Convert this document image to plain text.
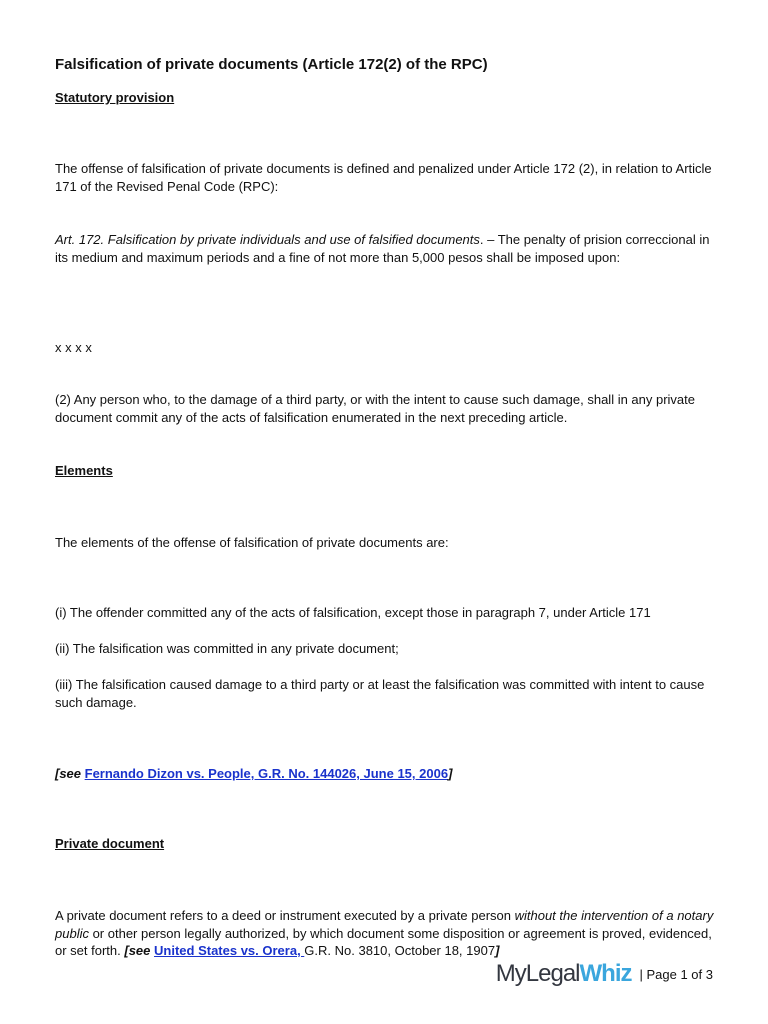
Falsification of private documents (Article 172(2) of the RPC)
Statutory provision

The offense of falsification of private documents is defined and penalized under Article 172 (2), in relation to Article 171 of the Revised Penal Code (RPC):

Art. 172. Falsification by private individuals and use of falsified documents. – The penalty of prision correccional in its medium and maximum periods and a fine of not more than 5,000 pesos shall be imposed upon:

x x x x

(2) Any person who, to the damage of a third party, or with the intent to cause such damage, shall in any private document commit any of the acts of falsification enumerated in the next preceding article.

Elements

The elements of the offense of falsification of private documents are:

(i) The offender committed any of the acts of falsification, except those in paragraph 7, under Article 171

(ii) The falsification was committed in any private document;

(iii) The falsification caused damage to a third party or at least the falsification was committed with intent to cause such damage.

[see Fernando Dizon vs. People, G.R. No. 144026, June 15, 2006]

Private document

A private document refers to a deed or instrument executed by a private person without the intervention of a notary public or other person legally authorized, by which document some disposition or agreement is proved, evidenced, or set forth. [see United States vs. Orera, G.R. No. 3810, October 18, 1907]

My Legal Whiz | Page 1 of 3
